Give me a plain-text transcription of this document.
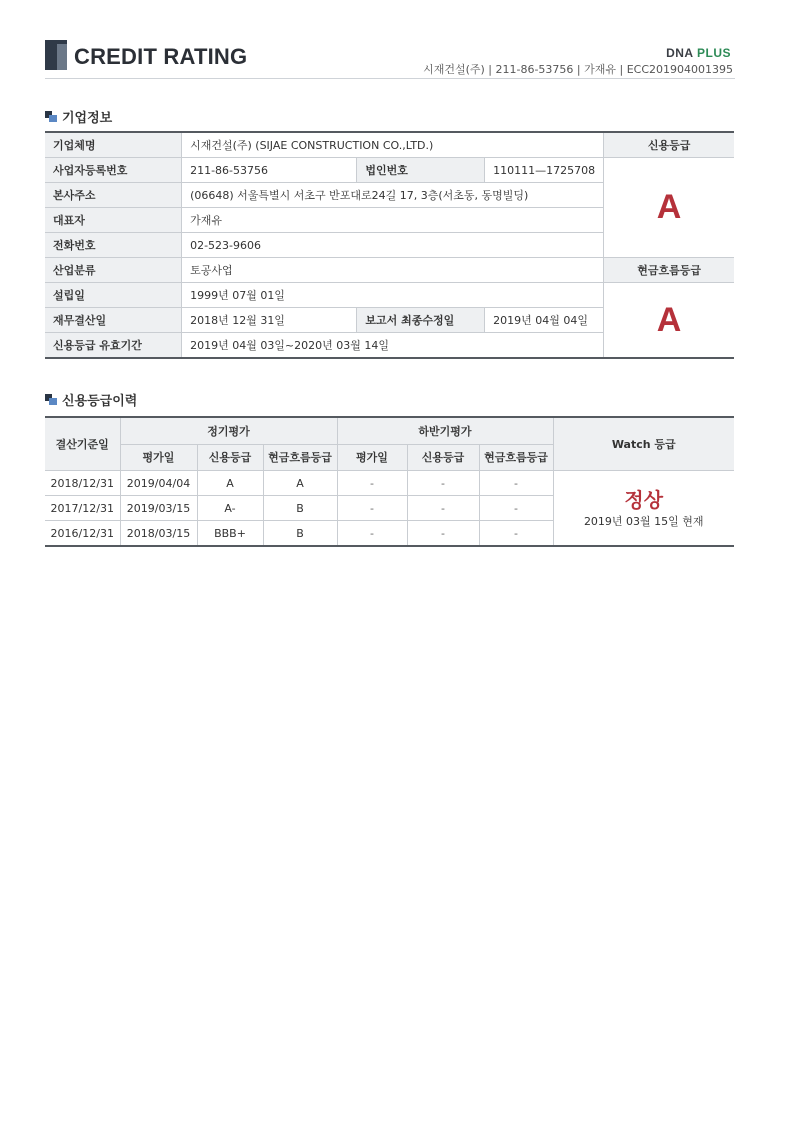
CREDIT RATING	DNA PLUS
시재건설(주) | 211-86-53756 | 가재유 | ECC201904001395
기업정보
기업체명	시재건설(주) (SIJAE CONSTRUCTION CO.,LTD.)			신용등급
사업자등록번호	211-86-53756	법인번호	110111—1725708	A
본사주소	(06648) 서울특별시 서초구 반포대로24길 17, 3층(서초동, 동명빌딩)			
대표자	가재유			
전화번호	02-523-9606			
산업분류	토공사업			현금흐름등급
설립일	1999년 07월 01일			A
재무결산일	2018년 12월 31일	보고서 최종수정일	2019년 04월 04일	
신용등급 유효기간	2019년 04월 03일~2020년 03월 14일			
신용등급이력
결산기준일	정기평가			하반기평가			Watch 등급
	평가일	신용등급	현금흐름등급	평가일	신용등급	현금흐름등급	
2018/12/31	2019/04/04	A	A	-	-	-	정상
2019년 03월 15일 현재

2017/12/31	2019/03/15	A-	B	-	-	-	
2016/12/31	2018/03/15	BBB+	B	-	-	-	
